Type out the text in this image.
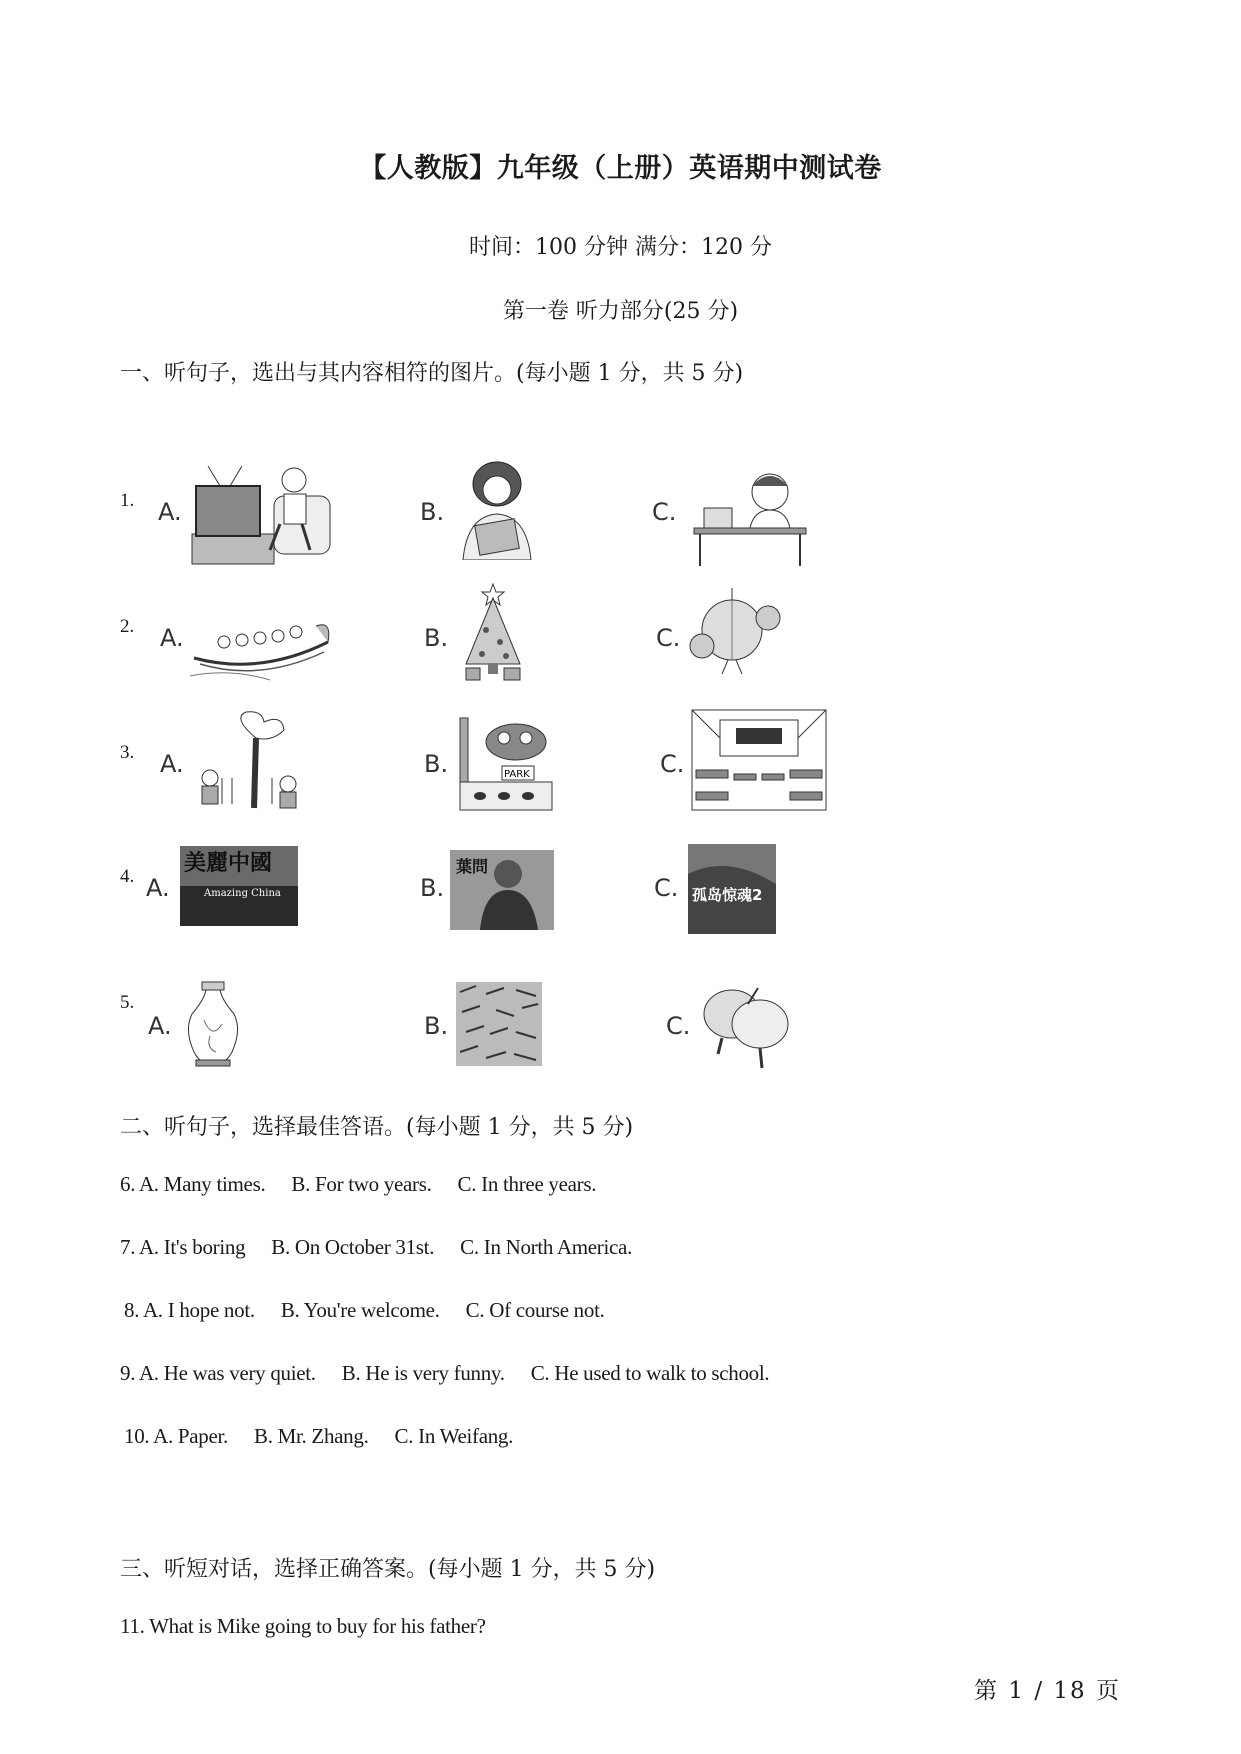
【人教版】九年级（上册）英语期中测试卷
时间：100 分钟 满分：120 分
第一卷 听力部分(25 分)
一、听句子，选出与其内容相符的图片。(每小题 1 分，共 5 分)
1. A.	B.	C.
2. A.	B.	C.
3. A.	B.	PARK	C.
4. A.
美麗中國
Amazing China	B.
葉問
C. 孤岛惊魂2
5.
A.	B.	C.
二、听句子，选择最佳答语。(每小题 1 分，共 5 分)
6. A. Many times. B. For two years. C. In three years.
7. A. It's boring B. On October 31st. C. In North America.
8. A. I hope not. B. You're welcome. C. Of course not.
9. A. He was very quiet. B. He is very funny. C. He used to walk to school.
10. A. Paper. B. Mr. Zhang. C. In Weifang.
三、听短对话，选择正确答案。(每小题 1 分，共 5 分)
11. What is Mike going to buy for his father?
第 1 / 18 页
